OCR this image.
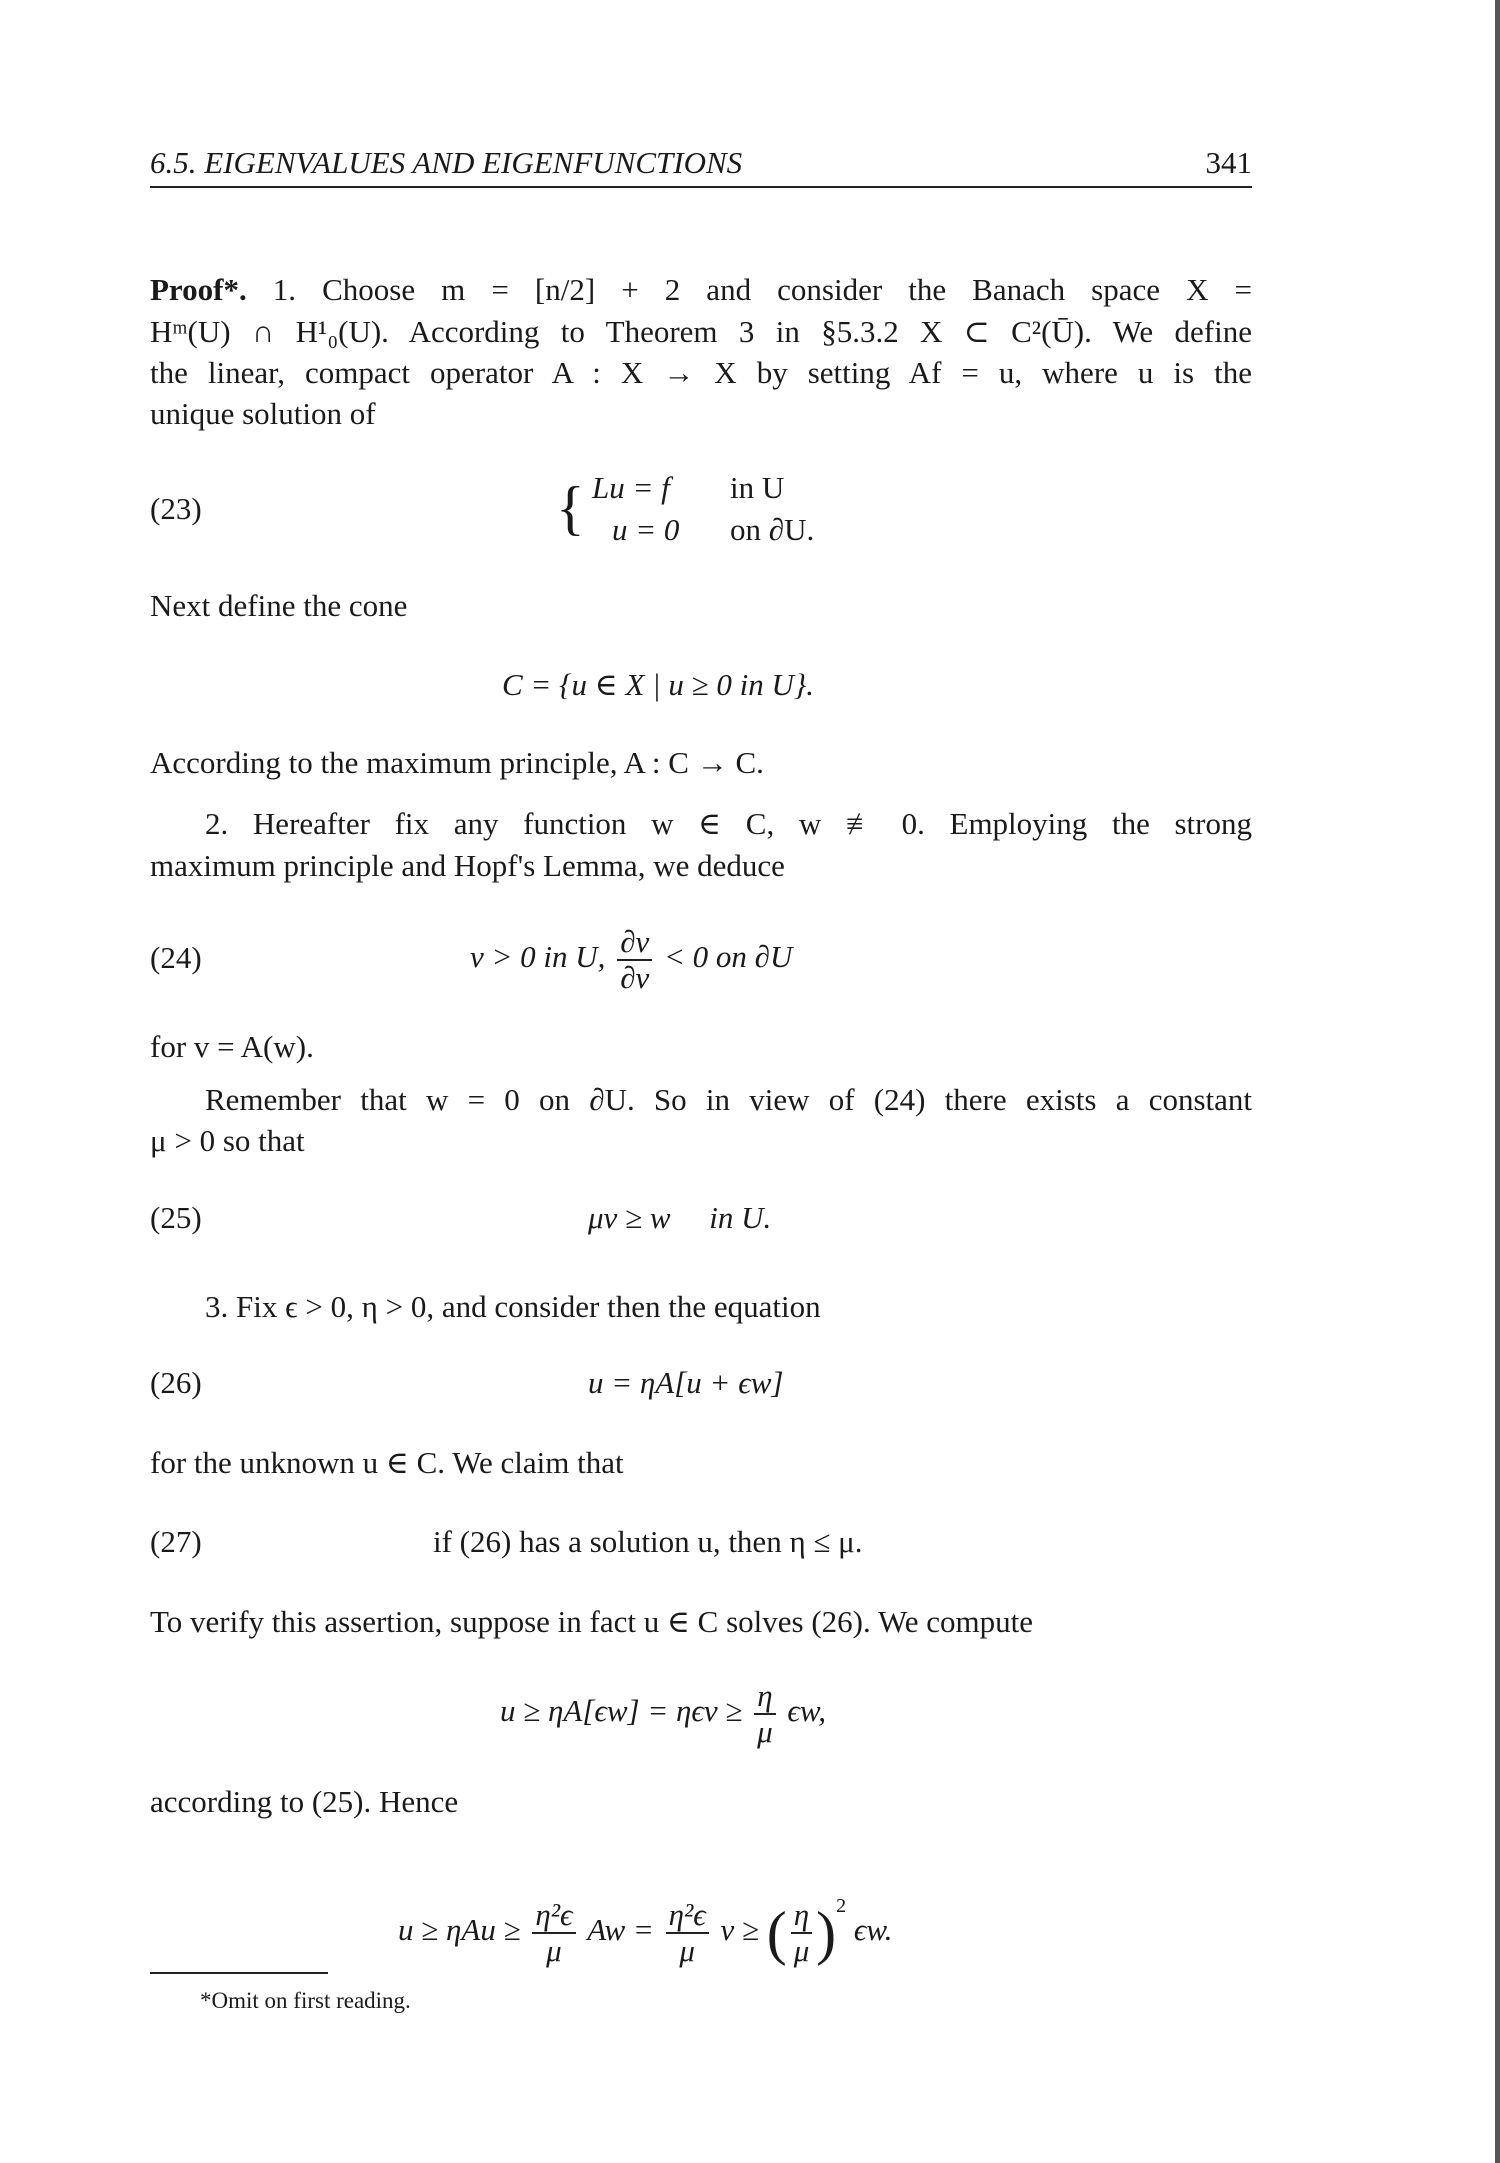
6.5. EIGENVALUES AND EIGENFUNCTIONS	341
Proof*. 1. Choose m = [n/2] + 2 and consider the Banach space X =
Hᵐ(U) ∩ H¹₀(U). According to Theorem 3 in §5.3.2 X ⊂ C²(Ū). We define
the linear, compact operator A : X → X by setting Af = u, where u is the
unique solution of
(23)	{ Lu = f in U
u = 0 on ∂U.
Next define the cone
C = {u ∈ X | u ≥ 0 in U}.
According to the maximum principle, A : C → C.
2. Hereafter fix any function w ∈ C, w ≢ 0. Employing the strong
maximum principle and Hopf's Lemma, we deduce
(24)	v > 0 in U, $\frac{\partial v}{\partial\nu} < 0$ on ∂U
for v = A(w).
Remember that w = 0 on ∂U. So in view of (24) there exists a constant
μ > 0 so that
(25)	μv ≥ w     in U.
3. Fix ϵ > 0, η > 0, and consider then the equation
(26)	u = ηA[u + ϵw]
for the unknown u ∈ C. We claim that
(27)	if (26) has a solution u, then η ≤ μ.
To verify this assertion, suppose in fact u ∈ C solves (26). We compute
$u \ge \eta A[\epsilon w] = \eta\epsilon v \ge \frac{\eta}{\mu} \epsilon w$,
according to (25). Hence
$u \ge \eta Au \ge \frac{\text{η²ϵ}}{\mu}$ $Aw = \frac{\text{η²ϵ}}{\mu}$ v ≥ ( $\frac{\eta}{\mu} )^2$ ϵw.
*Omit on first reading.
